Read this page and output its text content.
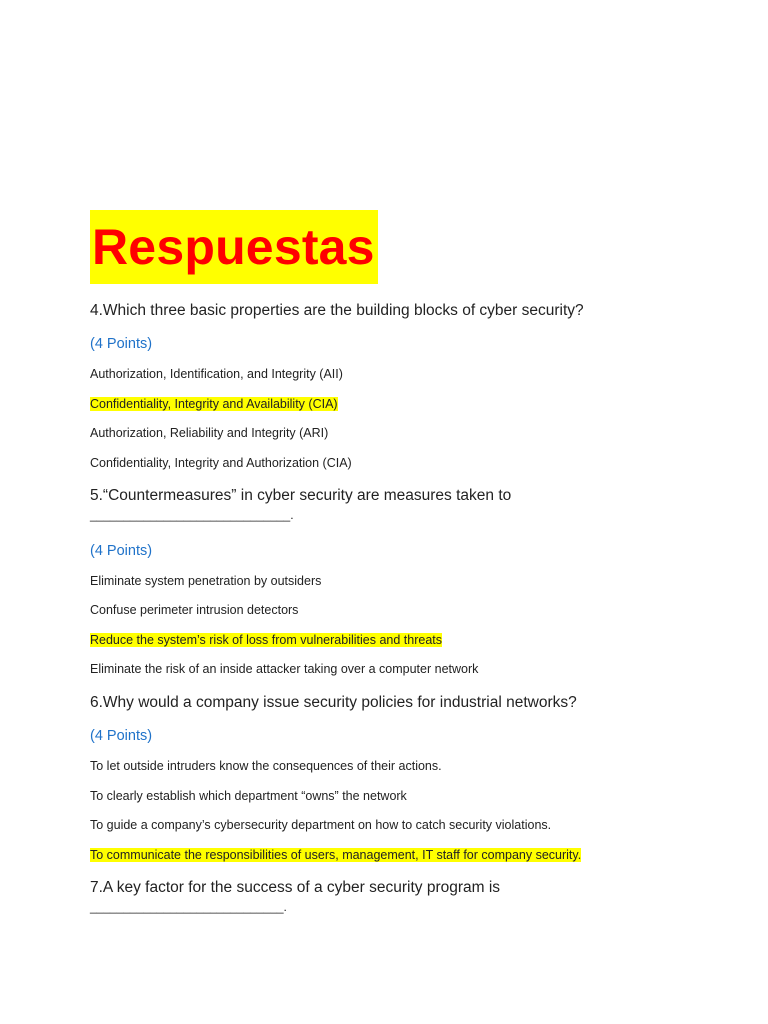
Respuestas

4.Which three basic properties are the building blocks of cyber security?

(4 Points)

Authorization, Identification, and Integrity (AII)
Confidentiality, Integrity and Availability (CIA)
Authorization, Reliability and Integrity (ARI)
Confidentiality, Integrity and Authorization (CIA)

5.“Countermeasures” in cyber security are measures taken to

______________________________.

(4 Points)

Eliminate system penetration by outsiders
Confuse perimeter intrusion detectors
Reduce the system’s risk of loss from vulnerabilities and threats
Eliminate the risk of an inside attacker taking over a computer network

6.Why would a company issue security policies for industrial networks?

(4 Points)

To let outside intruders know the consequences of their actions.
To clearly establish which department “owns” the network
To guide a company’s cybersecurity department on how to catch security violations.
To communicate the responsibilities of users, management, IT staff for company security.

7.A key factor for the success of a cyber security program is

_____________________________.
